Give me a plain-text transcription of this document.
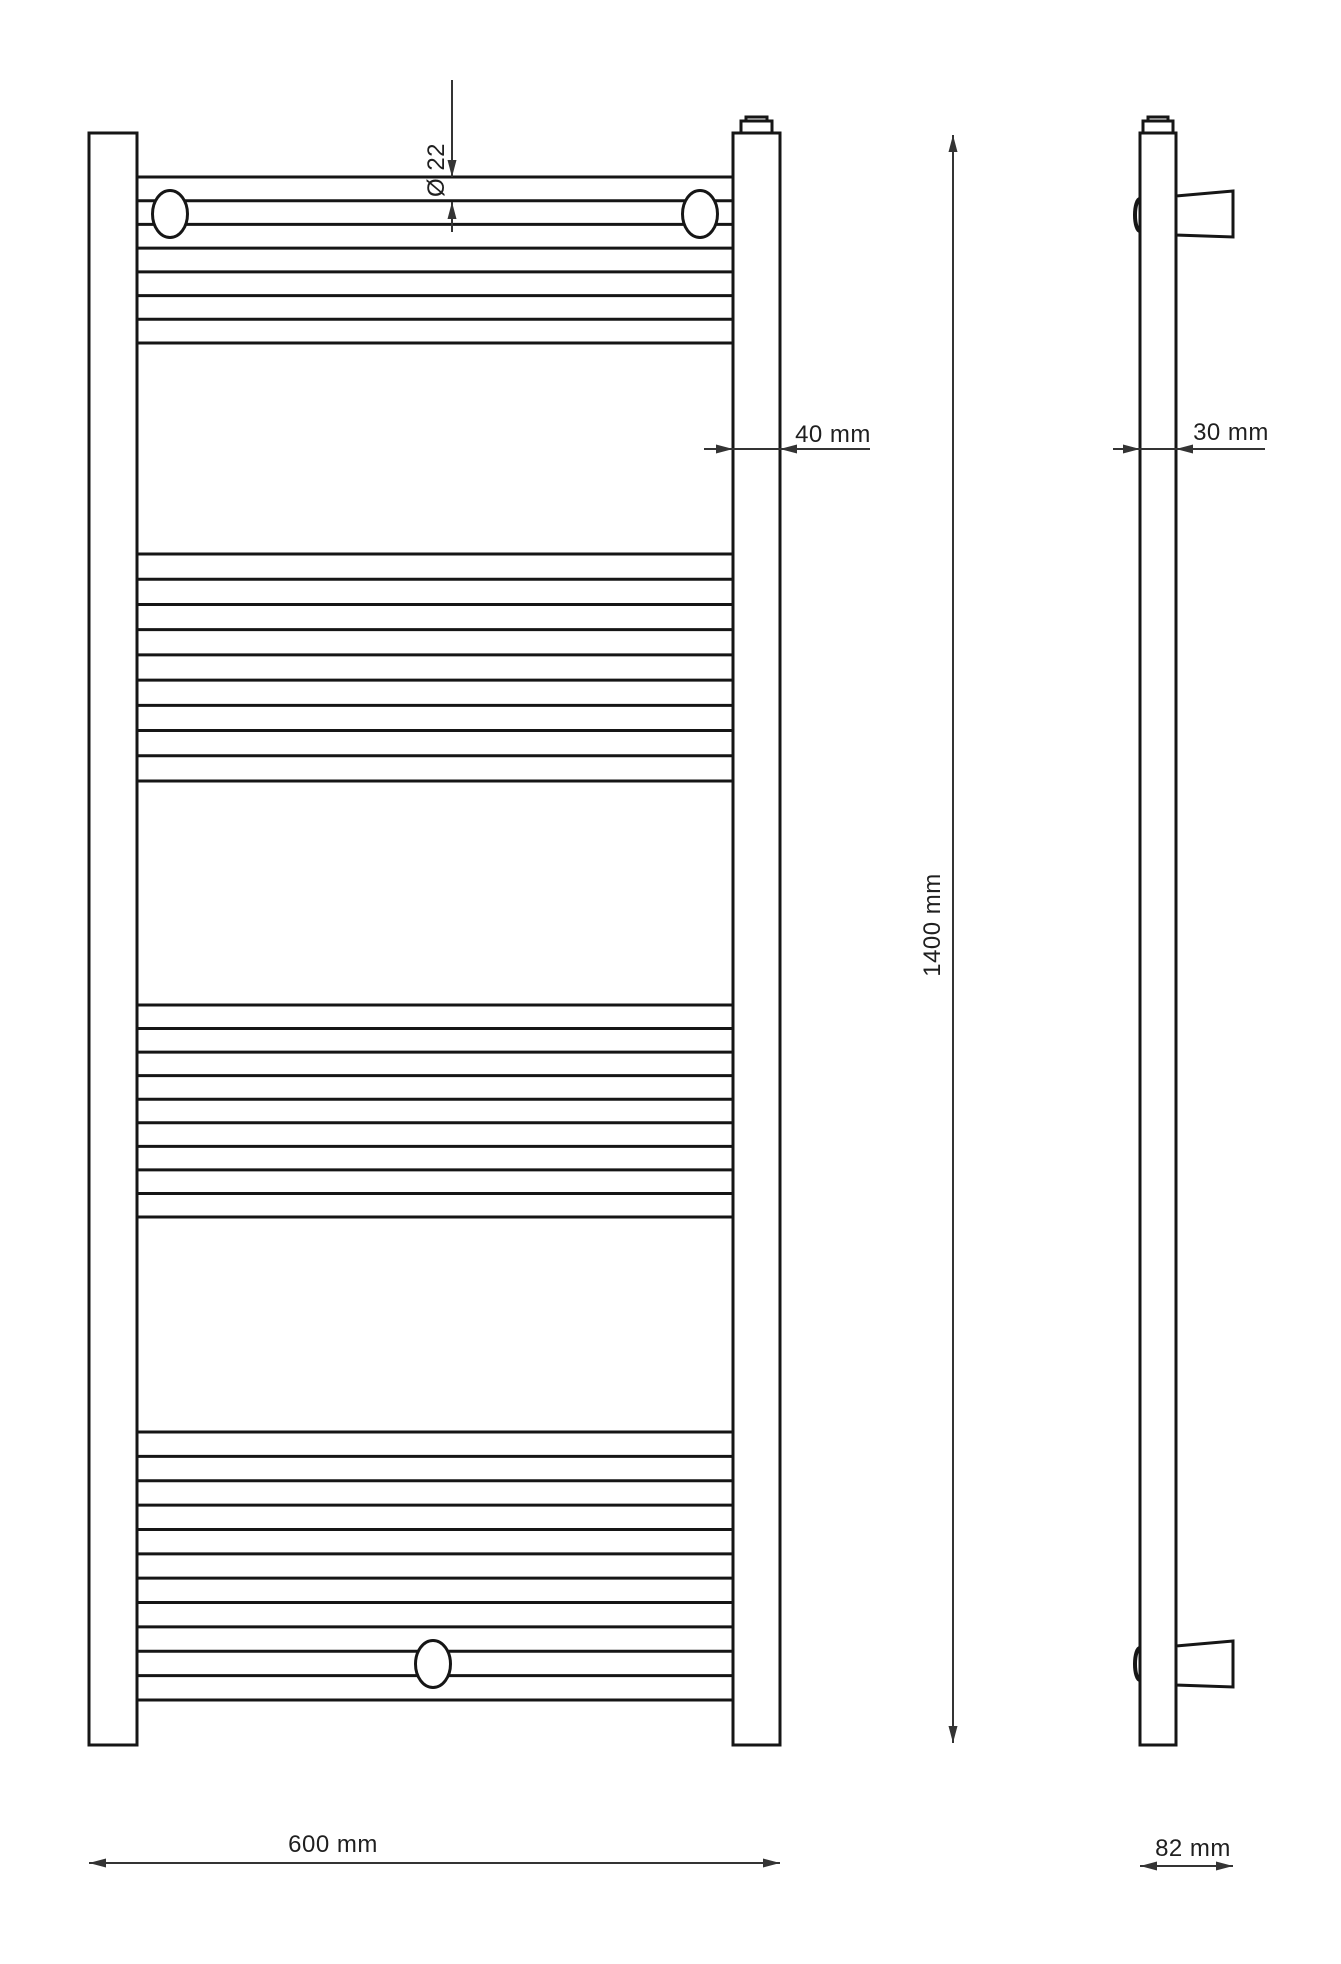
Ø 22
40 mm	30 mm
1400 mm
600 mm	82 mm
